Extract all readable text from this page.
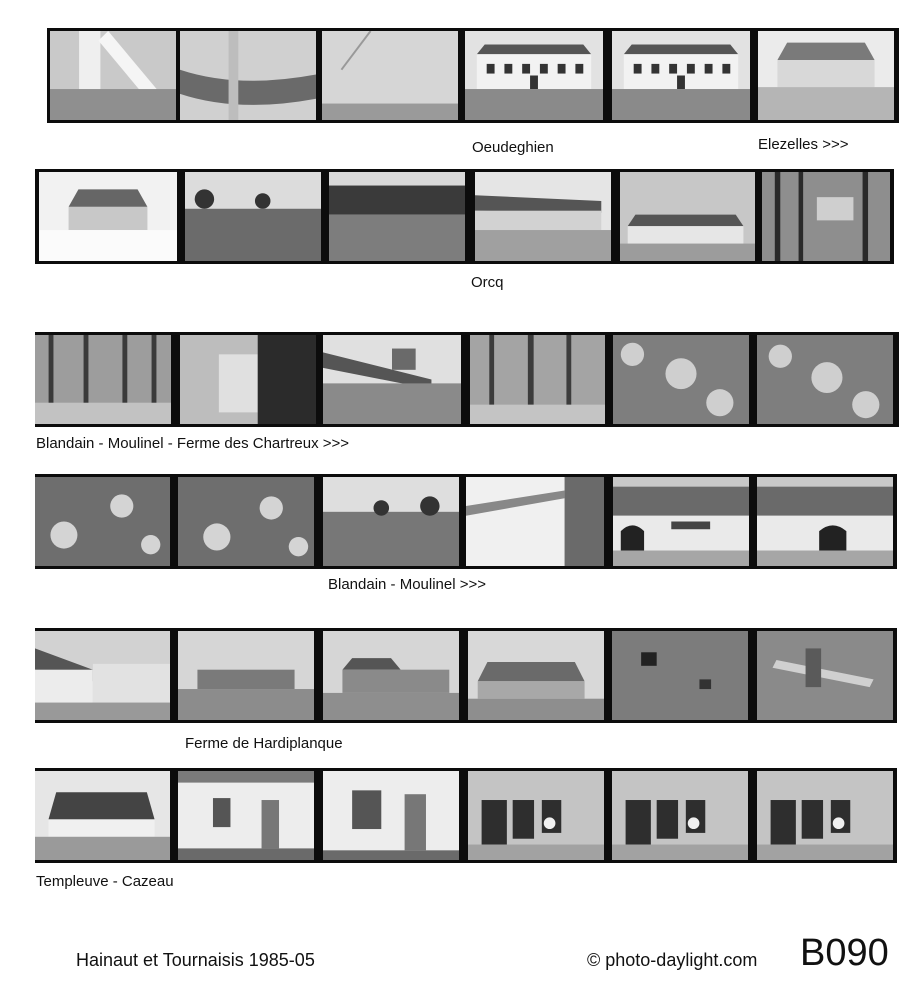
Oeudeghien	Elezelles >>>
Orcq
Blandain - Moulinel - Ferme des Chartreux >>>
Blandain - Moulinel >>>
Ferme de Hardiplanque
Templeuve - Cazeau
Hainaut et Tournaisis 1985-05	© photo-daylight.com B090
